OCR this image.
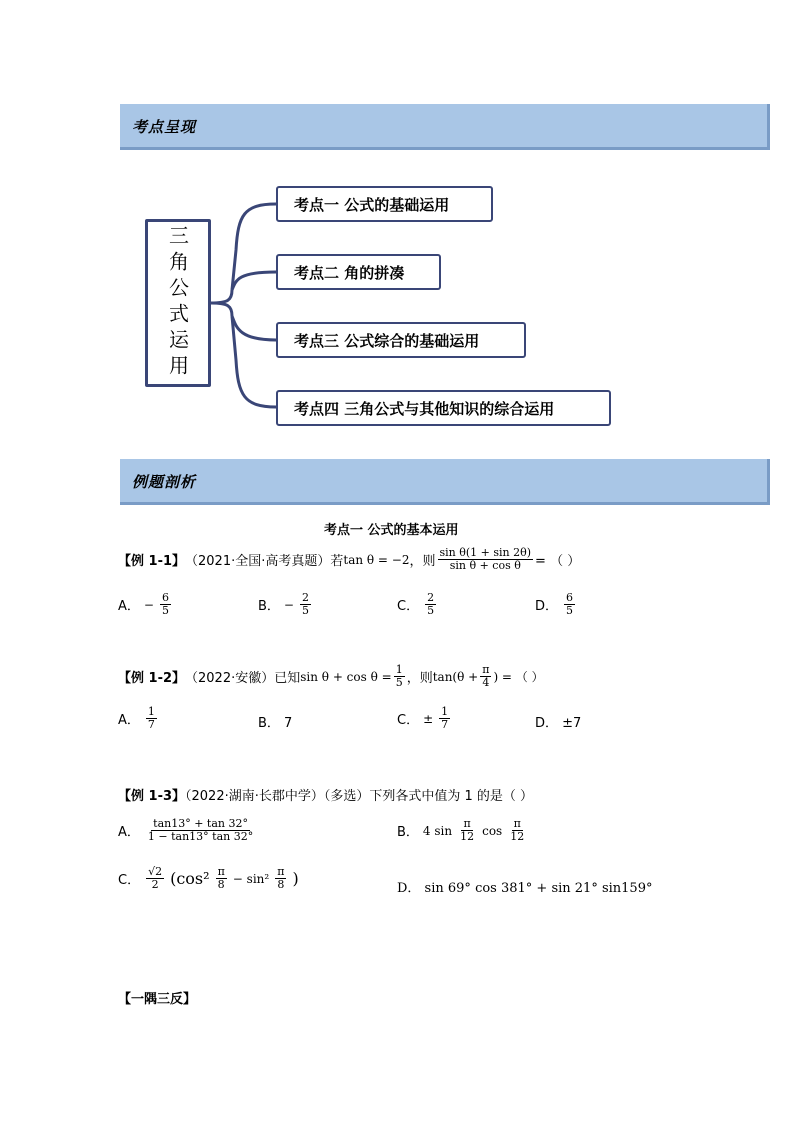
考点呈现
三角公式运用
考点一 公式的基础运用
考点二 角的拼凑
考点三 公式综合的基础运用
考点四 三角公式与其他知识的综合运用
例题剖析
考点一 公式的基本运用
【例 1-1】 （2021·全国·高考真题）若 tan θ = −2 ，则 $\frac{\text{sin θ(1 + sin 2θ)}}{\text{sin θ + cos θ}}$ = （ ）
A． − $\frac{6}{5}$	B． − $\frac{2}{5}$	C． $\frac{2}{5}$	D． $\frac{6}{5}$
【例 1-2】 （2022·安徽）已知 $\sin \theta + \cos \theta = \frac{1}{5}$ ，则 $\tan(\theta + \frac{\pi}{4}$ ) = （ ）
A． $\frac{1}{7}$	B． 7	C． ± $\frac{1}{7}$	D． ±7
【例 1-3】（2022·湖南·长郡中学）（多选）下列各式中值为 1 的是（ ）
A． $\frac{\tan 13^\circ + \tan 32^\circ}{1 - \tan 13^\circ \tan 32^\circ}$	B． 4 $\sin \frac{\pi}{12}$ $\cos \frac{\pi}{12}$
C． $\frac{√2}{2} (\cos^2 \frac{\pi}{8} - \sin^2 \frac{\pi}{8}$ )
D． sin 69° cos 381° + sin 21° sin159°
【一隅三反】
